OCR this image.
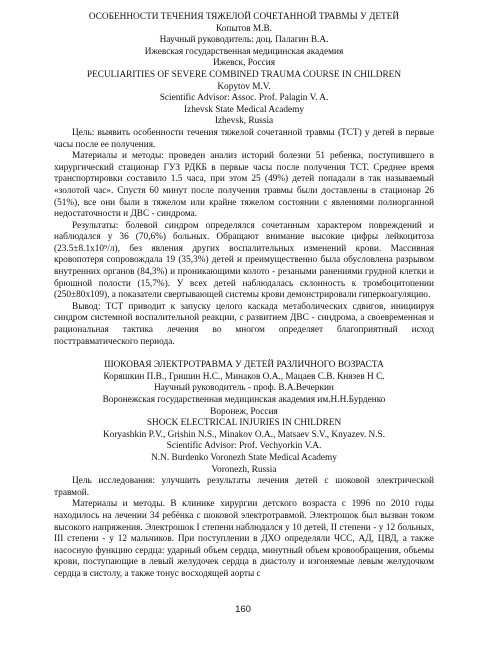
ОСОБЕННОСТИ ТЕЧЕНИЯ ТЯЖЕЛОЙ СОЧЕТАННОЙ ТРАВМЫ У ДЕТЕЙ

Копытов М.В.

Научный руководитель: доц. Палагин В.А.

Ижевская государственная медицинская академия

Ижевск, Россия

PECULIARITIES OF SEVERE COMBINED TRAUMA COURSE IN CHILDREN

Kopytov M.V.

Scientific Advisor: Assoc. Prof. Palagin V. A.

Izhevsk State Medical Academy

Izhevsk, Russia

Цель: выявить особенности течения тяжелой сочетанной травмы (ТСТ) у детей в первые часы после ее получения.

Материалы и методы: проведен анализ историй болезни 51 ребенка, поступившего в хирургический стационар ГУЗ РДКБ в первые часы после получения ТСТ. Среднее время транспортировки составило 1.5 часа, при этом 25 (49%) детей попадали в так называемый «золотой час». Спустя 60 минут после получения травмы были доставлены в стационар 26 (51%), все они были в тяжелом или крайне тяжелом состоянии с явлениями полиорганной недостаточности и ДВС - синдрома.

Результаты: болевой синдром определялся сочетанным характером повреждений и наблюдался у 36 (70,6%) больных. Обращают внимание высокие цифры лейкоцитоза (23.5±8.1x10⁹/л), без явления других воспалительных изменений крови. Массивная кровопотеря сопровождала 19 (35,3%) детей и преимущественно была обусловлена разрывом внутренних органов (84,3%) и проникающими колото - резаными ранениями грудной клетки и брюшной полости (15,7%). У всех детей наблюдалась склонность к тромбоцитопении (250±80x109), а показатели свертывающей системы крови демонстрировали гиперкоагуляцию.

Вывод: ТСТ приводит к запуску целого каскада метаболических сдвигов, инициируя синдром системной воспалительной реакции, с развитием ДВС - синдрома, а своевременная и рациональная тактика лечения во многом определяет благоприятный исход посттравматического периода.

ШОКОВАЯ ЭЛЕКТРОТРАВМА У ДЕТЕЙ РАЗЛИЧНОГО ВОЗРАСТА

Коряшкин П.В., Гришин Н.С., Минаков О.А., Мацаев С.В. Князев Н С.

Научный руководитель - проф. В.А.Вечеркин

Воронежская государственная медицинская академия им.Н.Н.Бурденко

Воронеж, Россия

SHOCK ELECTRICAL INJURIES IN CHILDREN

Koryashkin P.V., Grishin N.S., Minakov O.A., Matsaev S.V., Knyazev. N.S.

Scientific Advisor: Prof. Vechyorkin V.A.

N.N. Burdenko Voronezh State Medical Academy

Voronezh, Russia

Цель исследования: улучшить результаты лечения детей с шоковой электрической травмой.

Материалы и методы. В клинике хирургии детского возраста с 1996 по 2010 годы находилось на лечении 34 ребёнка с шоковой электротравмой. Электрошок был вызван током высокого напряжения. Электрошок I степени наблюдался у 10 детей, II степени - у 12 больных, III степени - у 12 мальчиков. При поступлении в ДХО определяли ЧСС, АД, ЦВД, а также насосную функцию сердца: ударный объем сердца, минутный объем кровообращения, объемы крови, поступающие в левый желудочек сердца в диастолу и изгоняемые левым желудочком сердца в систолу, а также тонус восходящей аорты с

160
